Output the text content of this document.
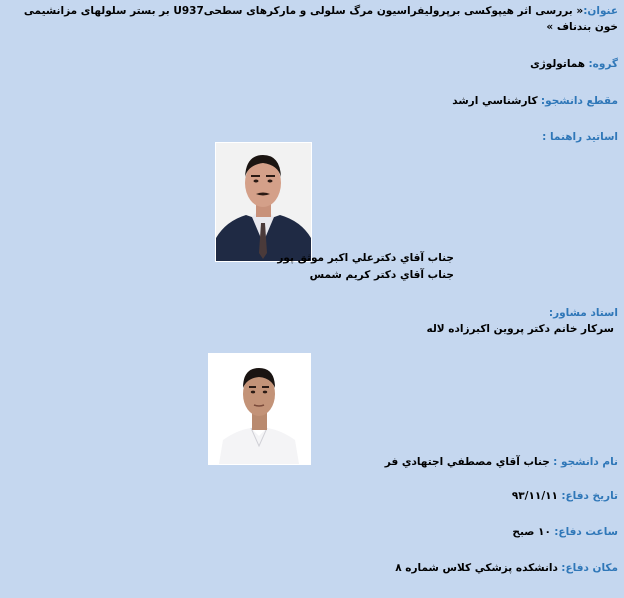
عنوان:« بررسی اثر هیپوکسی برپرولیفراسیون مرگ سلولی و مارکرهای سطحیU937 بر بستر سلولهای مزانشیمی خون بندناف »
گروه: هماتولوژی
مقطع دانشجو: کارشناسي ارشد
اساتيد راهنما :
جناب آقاي دكترعلي اكبر موثق پور
جناب آقاي دكتر كريم شمس
استاد مشاور:
سركار خانم دكتر پروين اكبرزاده لاله
نام دانشجو : جناب آقاي مصطفي اجتهادي فر
تاريخ دفاع: ۹۳/۱۱/۱۱
ساعت دفاع: ۱۰ صبح
مكان دفاع: دانشكده پزشكي كلاس شماره ۸
